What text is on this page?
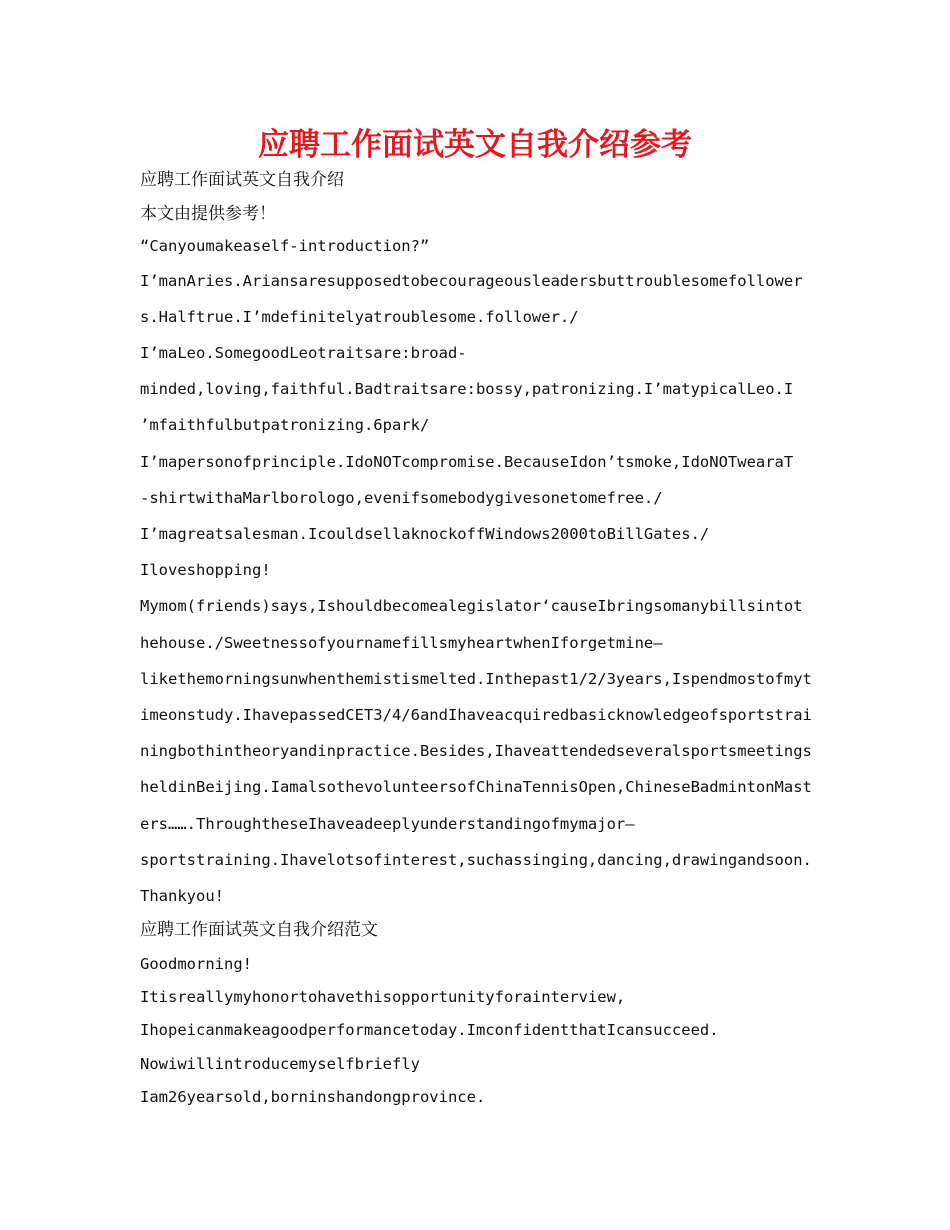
应聘工作面试英文自我介绍参考
应聘工作面试英文自我介绍
本文由提供参考！
“Canyoumakeaself-introduction?”
I’manAries.Ariansaresupposedtobecourageousleadersbuttroublesomefollower
s.Halftrue.I’mdefinitelyatroublesome.follower./
I’maLeo.SomegoodLeotraitsare:broad-
minded,loving,faithful.Badtraitsare:bossy,patronizing.I’matypicalLeo.I
’mfaithfulbutpatronizing.6park/
I’mapersonofprinciple.IdoNOTcompromise.BecauseIdon’tsmoke,IdoNOTwearaT
-shirtwithaMarlborologo,evenifsomebodygivesonetomefree./
I’magreatsalesman.IcouldsellaknockoffWindows2000toBillGates./
Iloveshopping!
Mymom(friends)says,Ishouldbecomealegislator‘causeIbringsomanybillsintot
hehouse./SweetnessofyournamefillsmyheartwhenIforgetmine—
likethemorningsunwhenthemistismelted.Inthepast1/2/3years,Ispendmostofmyt
imeonstudy.IhavepassedCET3/4/6andIhaveacquiredbasicknowledgeofsportstrai
ningbothintheoryandinpractice.Besides,Ihaveattendedseveralsportsmeetings
heldinBeijing.IamalsothevolunteersofChinaTennisOpen,ChineseBadmintonMast
ers…….ThroughtheseIhaveadeeplyunderstandingofmymajor—
sportstraining.Ihavelotsofinterest,suchassinging,dancing,drawingandsoon.
Thankyou!
应聘工作面试英文自我介绍范文
Goodmorning!
Itisreallymyhonortohavethisopportunityforainterview,
Ihopeicanmakeagoodperformancetoday.ImconfidentthatIcansucceed.
Nowiwillintroducemyselfbriefly
Iam26yearsold,borninshandongprovince.
